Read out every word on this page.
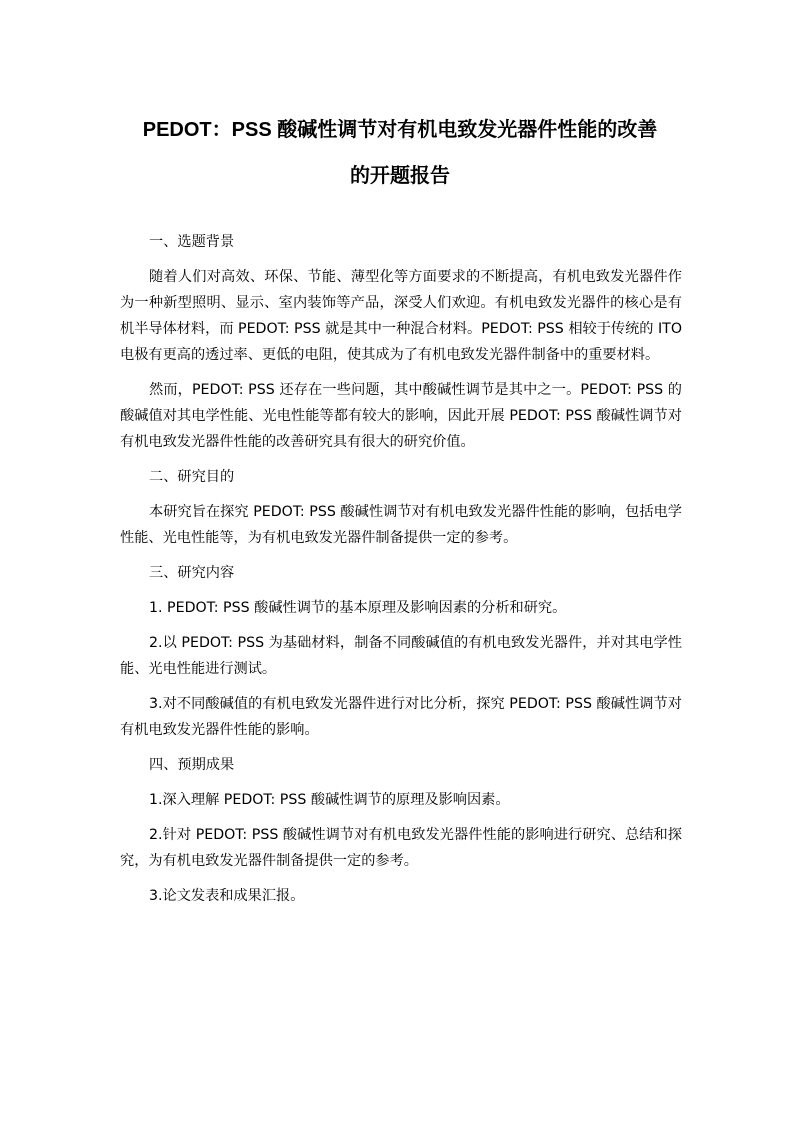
PEDOT：PSS 酸碱性调节对有机电致发光器件性能的改善
的开题报告

一、选题背景

随着人们对高效、环保、节能、薄型化等方面要求的不断提高，有机电致发光器件作为一种新型照明、显示、室内装饰等产品，深受人们欢迎。有机电致发光器件的核心是有机半导体材料，而 PEDOT: PSS 就是其中一种混合材料。PEDOT: PSS 相较于传统的 ITO 电极有更高的透过率、更低的电阻，使其成为了有机电致发光器件制备中的重要材料。

然而，PEDOT: PSS 还存在一些问题，其中酸碱性调节是其中之一。PEDOT: PSS 的酸碱值对其电学性能、光电性能等都有较大的影响，因此开展 PEDOT: PSS 酸碱性调节对有机电致发光器件性能的改善研究具有很大的研究价值。

二、研究目的

本研究旨在探究 PEDOT: PSS 酸碱性调节对有机电致发光器件性能的影响，包括电学性能、光电性能等，为有机电致发光器件制备提供一定的参考。

三、研究内容

1. PEDOT: PSS 酸碱性调节的基本原理及影响因素的分析和研究。

2.以 PEDOT: PSS 为基础材料，制备不同酸碱值的有机电致发光器件，并对其电学性能、光电性能进行测试。

3.对不同酸碱值的有机电致发光器件进行对比分析，探究 PEDOT: PSS 酸碱性调节对有机电致发光器件性能的影响。

四、预期成果

1.深入理解 PEDOT: PSS 酸碱性调节的原理及影响因素。

2.针对 PEDOT: PSS 酸碱性调节对有机电致发光器件性能的影响进行研究、总结和探究，为有机电致发光器件制备提供一定的参考。

3.论文发表和成果汇报。
